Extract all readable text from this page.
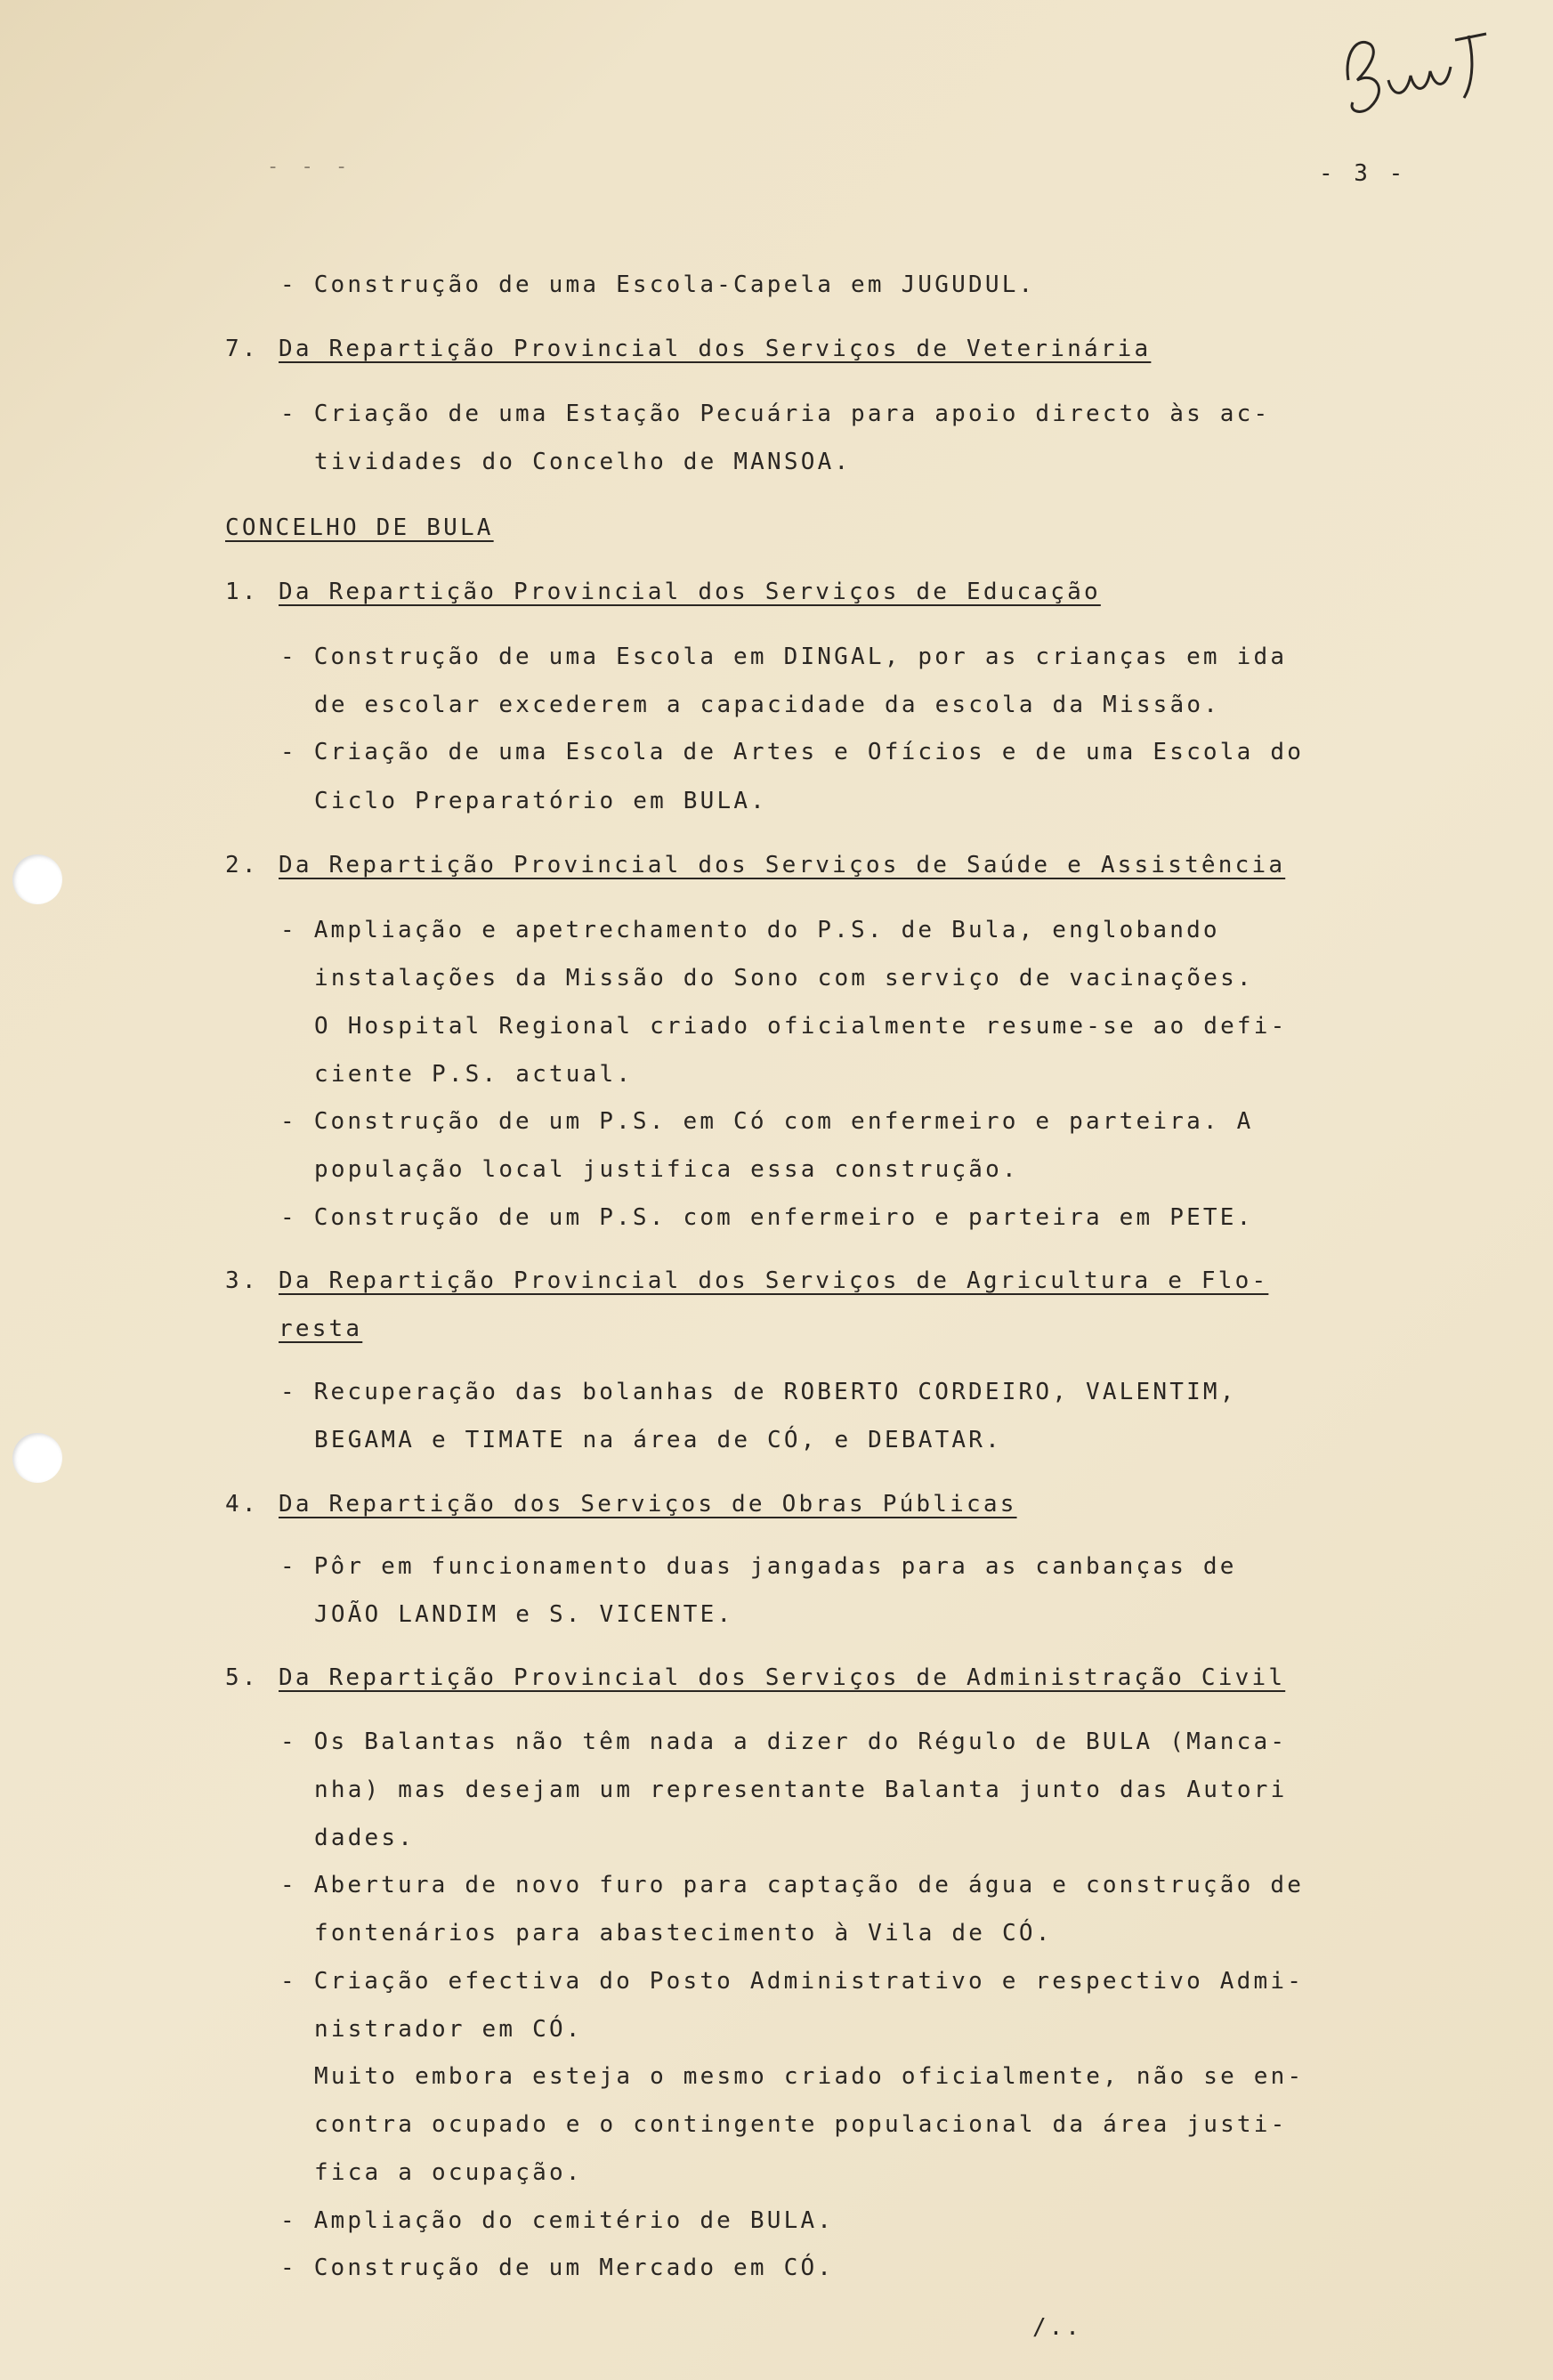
- - -	- 3 -
- Construção de uma Escola-Capela em JUGUDUL.
7. Da Repartição Provincial dos Serviços de Veterinária
- Criação de uma Estação Pecuária para apoio directo às ac-
tividades do Concelho de MANSOA.
CONCELHO DE BULA
1. Da Repartição Provincial dos Serviços de Educação
- Construção de uma Escola em DINGAL, por as crianças em ida
de escolar excederem a capacidade da escola da Missão.
- Criação de uma Escola de Artes e Ofícios e de uma Escola do
Ciclo Preparatório em BULA.
2. Da Repartição Provincial dos Serviços de Saúde e Assistência
- Ampliação e apetrechamento do P.S. de Bula, englobando
instalações da Missão do Sono com serviço de vacinações.
O Hospital Regional criado oficialmente resume-se ao defi-
ciente P.S. actual.
- Construção de um P.S. em Có com enfermeiro e parteira. A
população local justifica essa construção.
- Construção de um P.S. com enfermeiro e parteira em PETE.
3. Da Repartição Provincial dos Serviços de Agricultura e Flo-
resta
- Recuperação das bolanhas de ROBERTO CORDEIRO, VALENTIM,
BEGAMA e TIMATE na área de CÓ, e DEBATAR.
4. Da Repartição dos Serviços de Obras Públicas
- Pôr em funcionamento duas jangadas para as canbanças de
JOÃO LANDIM e S. VICENTE.
5. Da Repartição Provincial dos Serviços de Administração Civil
- Os Balantas não têm nada a dizer do Régulo de BULA (Manca-
nha) mas desejam um representante Balanta junto das Autori
dades.
- Abertura de novo furo para captação de água e construção de
fontenários para abastecimento à Vila de CÓ.
- Criação efectiva do Posto Administrativo e respectivo Admi-
nistrador em CÓ.
Muito embora esteja o mesmo criado oficialmente, não se en-
contra ocupado e o contingente populacional da área justi-
fica a ocupação.
- Ampliação do cemitério de BULA.
- Construção de um Mercado em CÓ.
/..
